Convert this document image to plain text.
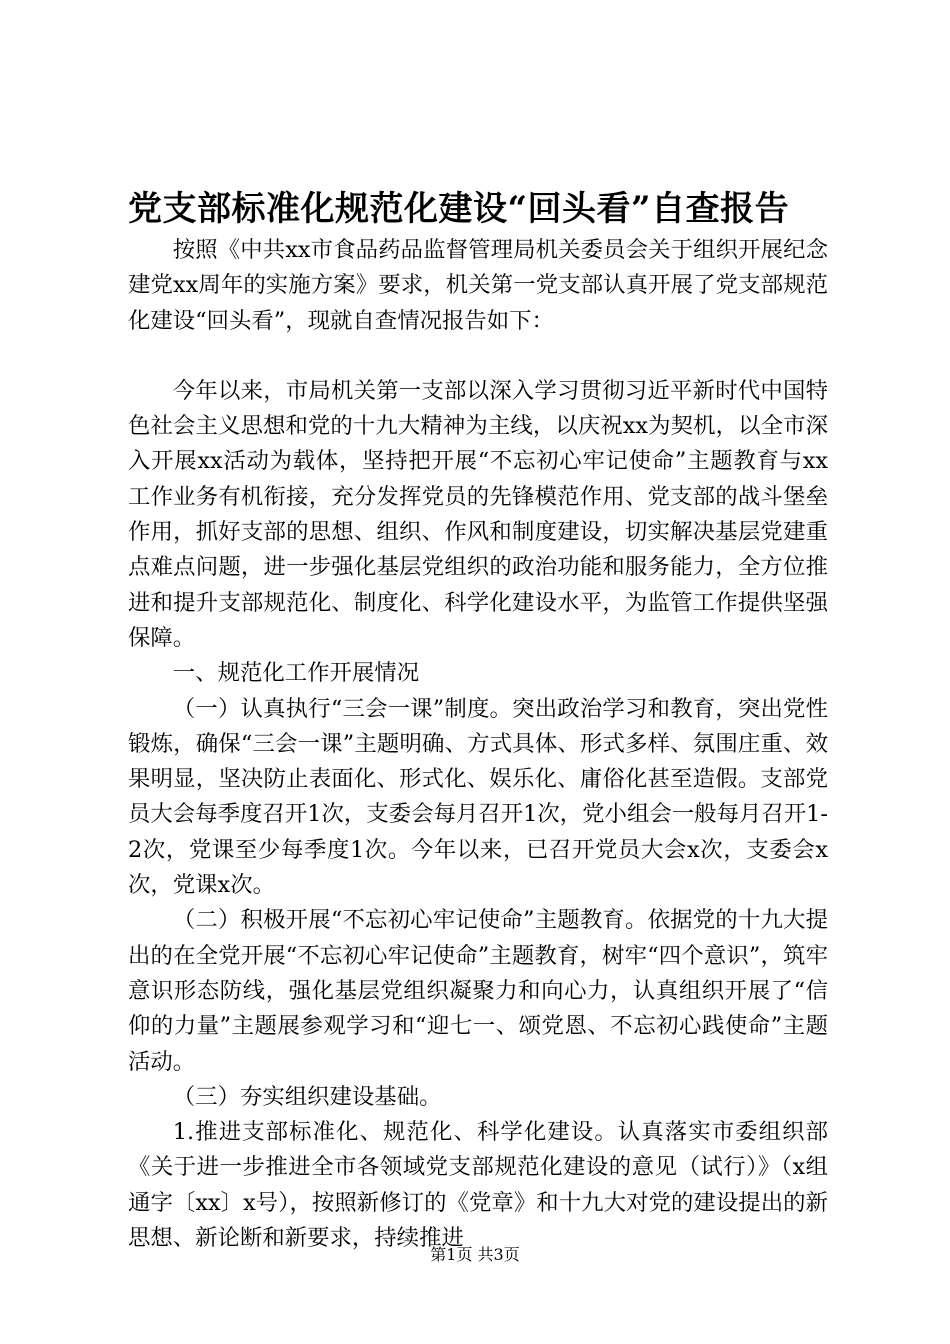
党支部标准化规范化建设“回头看”自查报告

按照《中共xx市食品药品监督管理局机关委员会关于组织开展纪念建党xx周年的实施方案》要求，机关第一党支部认真开展了党支部规范化建设“回头看”，现就自查情况报告如下：

今年以来，市局机关第一支部以深入学习贯彻习近平新时代中国特色社会主义思想和党的十九大精神为主线，以庆祝xx为契机，以全市深入开展xx活动为载体，坚持把开展“不忘初心牢记使命”主题教育与xx工作业务有机衔接，充分发挥党员的先锋模范作用、党支部的战斗堡垒作用，抓好支部的思想、组织、作风和制度建设，切实解决基层党建重点难点问题，进一步强化基层党组织的政治功能和服务能力，全方位推进和提升支部规范化、制度化、科学化建设水平，为监管工作提供坚强保障。

一、规范化工作开展情况

（一）认真执行“三会一课”制度。突出政治学习和教育，突出党性锻炼，确保“三会一课”主题明确、方式具体、形式多样、氛围庄重、效果明显，坚决防止表面化、形式化、娱乐化、庸俗化甚至造假。支部党员大会每季度召开1次，支委会每月召开1次，党小组会一般每月召开1-2次，党课至少每季度1次。今年以来，已召开党员大会x次，支委会x次，党课x次。

（二）积极开展“不忘初心牢记使命”主题教育。依据党的十九大提出的在全党开展“不忘初心牢记使命”主题教育，树牢“四个意识”，筑牢意识形态防线，强化基层党组织凝聚力和向心力，认真组织开展了“信仰的力量”主题展参观学习和“迎七一、颂党恩、不忘初心践使命”主题活动。

（三）夯实组织建设基础。

1.推进支部标准化、规范化、科学化建设。认真落实市委组织部《关于进一步推进全市各领域党支部规范化建设的意见（试行）》（x组通字〔xx〕x号），按照新修订的《党章》和十九大对党的建设提出的新思想、新论断和新要求，持续推进

第1页 共3页
